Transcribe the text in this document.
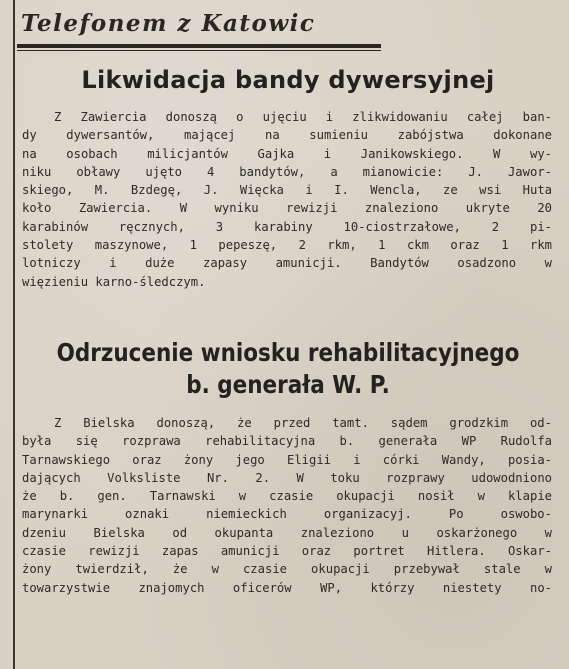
Telefonem z Katowic
Likwidacja bandy dywersyjnej
Z Zawiercia donoszą o ujęciu i zlikwidowaniu całej ban-
dy dywersantów, mającej na sumieniu zabójstwa dokonane
na osobach milicjantów Gajka i Janikowskiego. W wy-
niku obławy ujęto 4 bandytów, a mianowicie: J. Jawor-
skiego, M. Bzdegę, J. Więcka i I. Wencla, ze wsi Huta
koło Zawiercia. W wyniku rewizji znaleziono ukryte 20
karabinów ręcznych, 3 karabiny 10-ciostrzałowe, 2 pi-
stolety maszynowe, 1 pepeszę, 2 rkm, 1 ckm oraz 1 rkm
lotniczy i duże zapasy amunicji. Bandytów osadzono w
więzieniu karno-śledczym.
Odrzucenie wniosku rehabilitacyjnego
b. generała W. P.
Z Bielska donoszą, że przed tamt. sądem grodzkim od-
była się rozprawa rehabilitacyjna b. generała WP Rudolfa
Tarnawskiego oraz żony jego Eligii i córki Wandy, posia-
dających Volksliste Nr. 2. W toku rozprawy udowodniono
że b. gen. Tarnawski w czasie okupacji nosił w klapie
marynarki oznaki niemieckich organizacyj. Po oswobo-
dzeniu Bielska od okupanta znaleziono u oskarżonego w
czasie rewizji zapas amunicji oraz portret Hitlera. Oskar-
żony twierdził, że w czasie okupacji przebywał stale w
towarzystwie znajomych oficerów WP, którzy niestety no-
